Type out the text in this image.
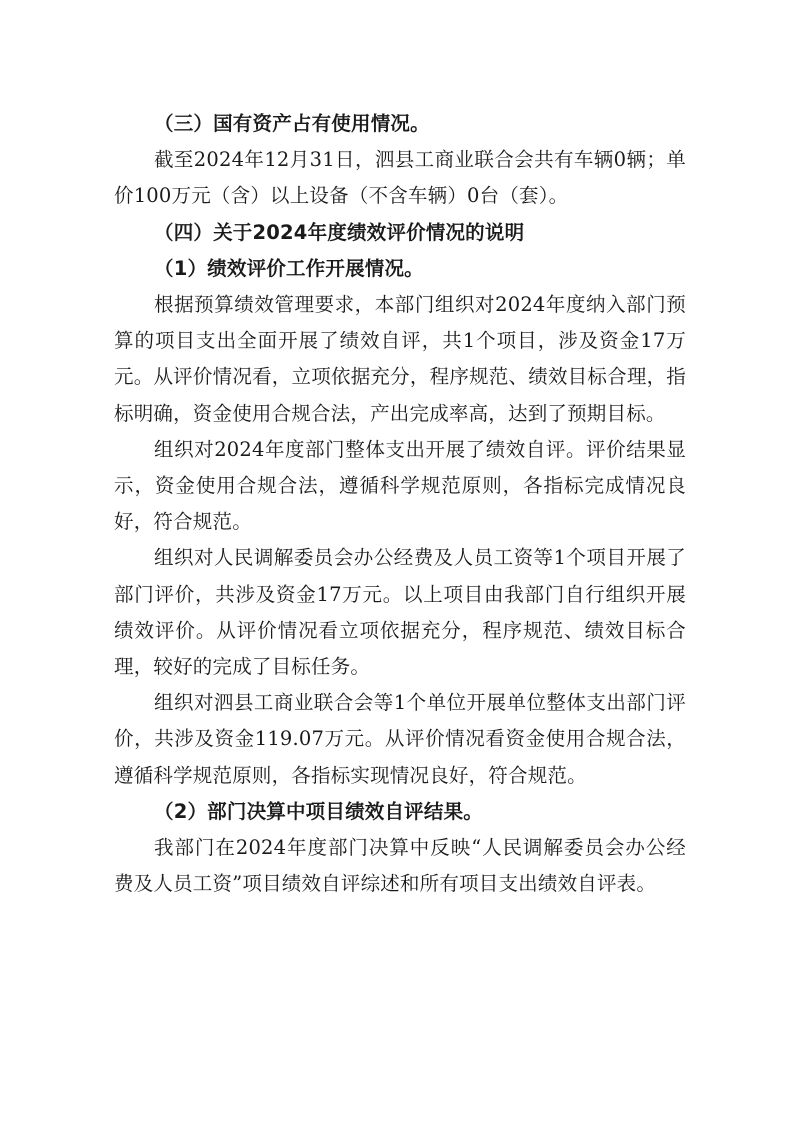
（三）国有资产占有使用情况。

截至2024年12月31日，泗县工商业联合会共有车辆0辆；单价100万元（含）以上设备（不含车辆）0台（套）。

（四）关于2024年度绩效评价情况的说明

（1）绩效评价工作开展情况。

根据预算绩效管理要求，本部门组织对2024年度纳入部门预算的项目支出全面开展了绩效自评，共1个项目，涉及资金17万元。从评价情况看，立项依据充分，程序规范、绩效目标合理，指标明确，资金使用合规合法，产出完成率高，达到了预期目标。

组织对2024年度部门整体支出开展了绩效自评。评价结果显示，资金使用合规合法，遵循科学规范原则，各指标完成情况良好，符合规范。

组织对人民调解委员会办公经费及人员工资等1个项目开展了部门评价，共涉及资金17万元。以上项目由我部门自行组织开展绩效评价。从评价情况看立项依据充分，程序规范、绩效目标合理，较好的完成了目标任务。

组织对泗县工商业联合会等1个单位开展单位整体支出部门评价，共涉及资金119.07万元。从评价情况看资金使用合规合法，遵循科学规范原则，各指标实现情况良好，符合规范。

（2）部门决算中项目绩效自评结果。

我部门在2024年度部门决算中反映“人民调解委员会办公经费及人员工资”项目绩效自评综述和所有项目支出绩效自评表。
